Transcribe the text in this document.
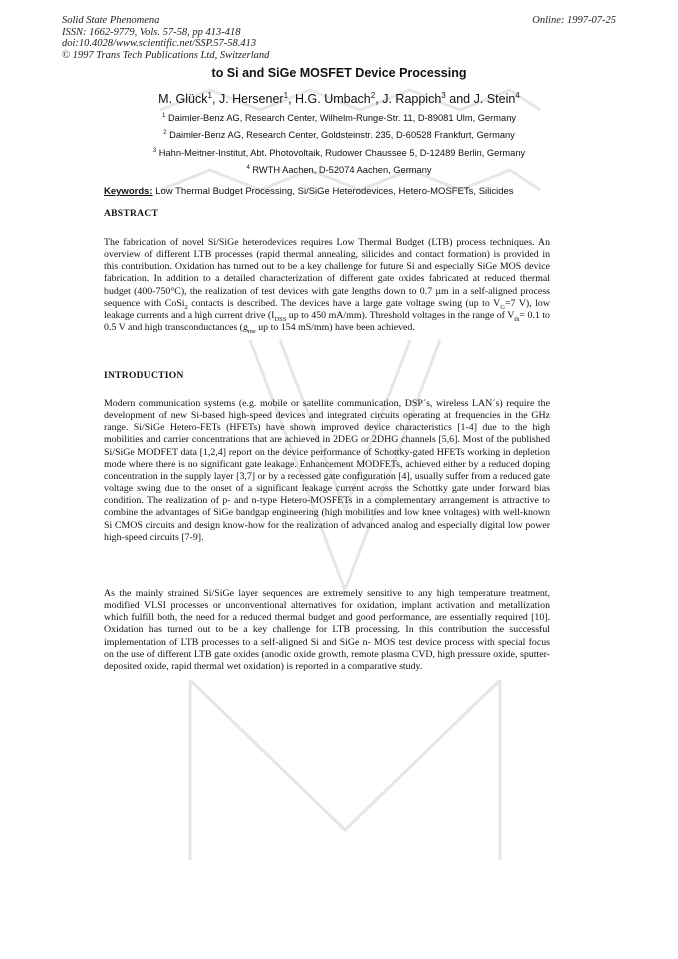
Solid State Phenomena
ISSN: 1662-9779, Vols. 57-58, pp 413-418
doi:10.4028/www.scientific.net/SSP.57-58.413
© 1997 Trans Tech Publications Ltd, Switzerland
Online: 1997-07-25
to Si and SiGe MOSFET Device Processing
M. Glück$^1$, J. Hersener$^1$, H.G. Umbach$^2$, J. Rappich$^3$ and J. Stein$^4$
$^1$ Daimler-Benz AG, Research Center, Wilhelm-Runge-Str. 11, D-89081 Ulm, Germany
$^2$ Daimler-Benz AG, Research Center, Goldsteinstr. 235, D-60528 Frankfurt, Germany
$^3$ Hahn-Meitner-Institut, Abt. Photovoltaik, Rudower Chaussee 5, D-12489 Berlin, Germany
$^4$ RWTH Aachen, D-52074 Aachen, Germany
Keywords: Low Thermal Budget Processing, Si/SiGe Heterodevices, Hetero-MOSFETs, Silicides
ABSTRACT
The fabrication of novel Si/SiGe heterodevices requires Low Thermal Budget (LTB) process techniques. An overview of different LTB processes (rapid thermal annealing, silicides and contact formation) is provided in this contribution. Oxidation has turned out to be a key challenge for future Si and especially SiGe MOS device fabrication. In addition to a detailed characterization of different gate oxides fabricated at reduced thermal budget (400-750°C), the realization of test devices with gate lengths down to 0.7 µm in a self-aligned process sequence with CoSi$_2$ contacts is described. The devices have a large gate voltage swing (up to $V_G=7$ V), low leakage currents and a high current drive ($I_{DSS}$ up to 450 mA/mm). Threshold voltages in the range of $V_{th}= 0.1$ to 0.5 V and high transconductances ($g_{me}$ up to 154 mS/mm) have been achieved.
INTRODUCTION
Modern communication systems (e.g. mobile or satellite communication, DSP´s, wireless LAN´s) require the development of new Si-based high-speed devices and integrated circuits operating at frequencies in the GHz range. Si/SiGe Hetero-FETs (HFETs) have shown improved device characteristics [1-4] due to the high mobilities and carrier concentrations that are achieved in 2DEG or 2DHG channels [5,6]. Most of the published Si/SiGe MODFET data [1,2,4] report on the device performance of Schottky-gated HFETs working in depletion mode where there is no significant gate leakage. Enhancement MODFETs, achieved either by a reduced doping concentration in the supply layer [3,7] or by a recessed gate configuration [4], usually suffer from a reduced gate voltage swing due to the onset of a significant leakage current across the Schottky gate under forward bias condition. The realization of p- and n-type Hetero-MOSFETs in a complementary arrangement is attractive to combine the advantages of SiGe bandgap engineering (high mobilities and low knee voltages) with well-known Si CMOS circuits and design know-how for the realization of advanced analog and especially digital low power high-speed circuits [7-9].
As the mainly strained Si/SiGe layer sequences are extremely sensitive to any high temperature treatment, modified VLSI processes or unconventional alternatives for oxidation, implant activation and metallization which fulfill both, the need for a reduced thermal budget and good performance, are essentially required [10]. Oxidation has turned out to be a key challenge for LTB processing. In this contribution the successful implementation of LTB processes to a self-aligned Si and SiGe n- MOS test device process with special focus on the use of different LTB gate oxides (anodic oxide growth, remote plasma CVD, high pressure oxide, sputter-deposited oxide, rapid thermal wet oxidation) is reported in a comparative study.
